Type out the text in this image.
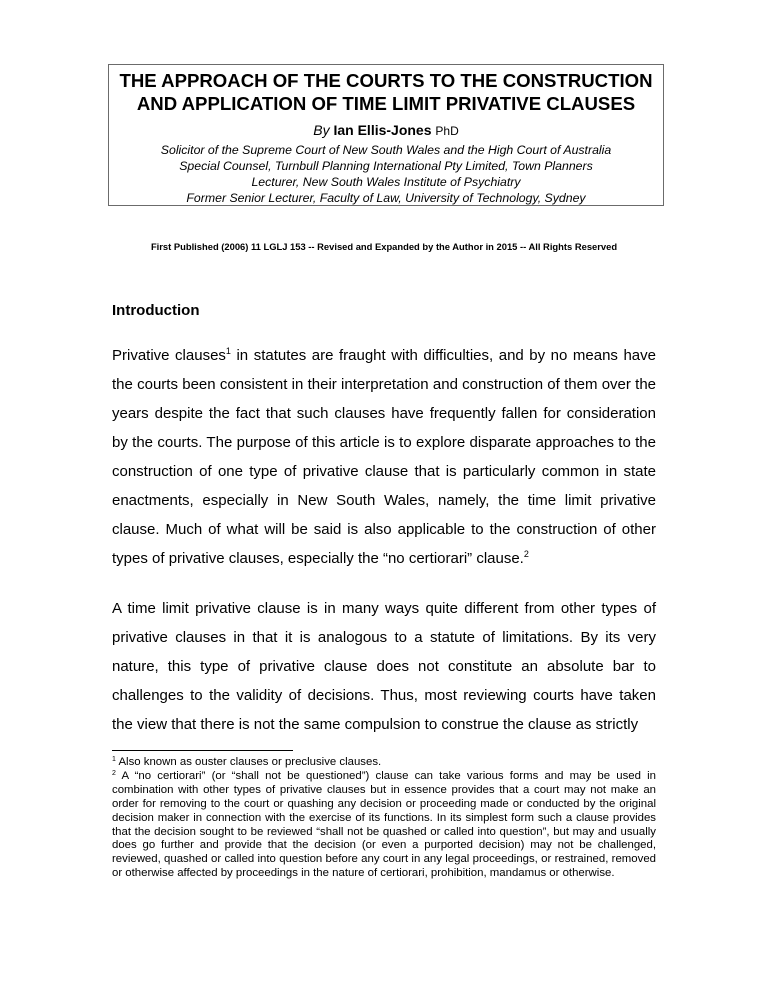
THE APPROACH OF THE COURTS TO THE CONSTRUCTION
AND APPLICATION OF TIME LIMIT PRIVATIVE CLAUSES
By Ian Ellis-Jones PhD
Solicitor of the Supreme Court of New South Wales and the High Court of Australia
Special Counsel, Turnbull Planning International Pty Limited, Town Planners
Lecturer, New South Wales Institute of Psychiatry
Former Senior Lecturer, Faculty of Law, University of Technology, Sydney
First Published (2006) 11 LGLJ 153 -- Revised and Expanded by the Author in 2015 -- All Rights Reserved
Introduction

Privative clauses$^1$ in statutes are fraught with difficulties, and by no means have the courts been consistent in their interpretation and construction of them over the years despite the fact that such clauses have frequently fallen for consideration by the courts. The purpose of this article is to explore disparate approaches to the construction of one type of privative clause that is particularly common in state enactments, especially in New South Wales, namely, the time limit privative clause. Much of what will be said is also applicable to the construction of other types of privative clauses, especially the “no certiorari” clause.$^2$

A time limit privative clause is in many ways quite different from other types of privative clauses in that it is analogous to a statute of limitations. By its very nature, this type of privative clause does not constitute an absolute bar to challenges to the validity of decisions. Thus, most reviewing courts have taken the view that there is not the same compulsion to construe the clause as strictly

$^1$ Also known as ouster clauses or preclusive clauses.

$^2$ A “no certiorari” (or “shall not be questioned”) clause can take various forms and may be used in combination with other types of privative clauses but in essence provides that a court may not make an order for removing to the court or quashing any decision or proceeding made or conducted by the original decision maker in connection with the exercise of its functions. In its simplest form such a clause provides that the decision sought to be reviewed “shall not be quashed or called into question”, but may and usually does go further and provide that the decision (or even a purported decision) may not be challenged, reviewed, quashed or called into question before any court in any legal proceedings, or restrained, removed or otherwise affected by proceedings in the nature of certiorari, prohibition, mandamus or otherwise.
